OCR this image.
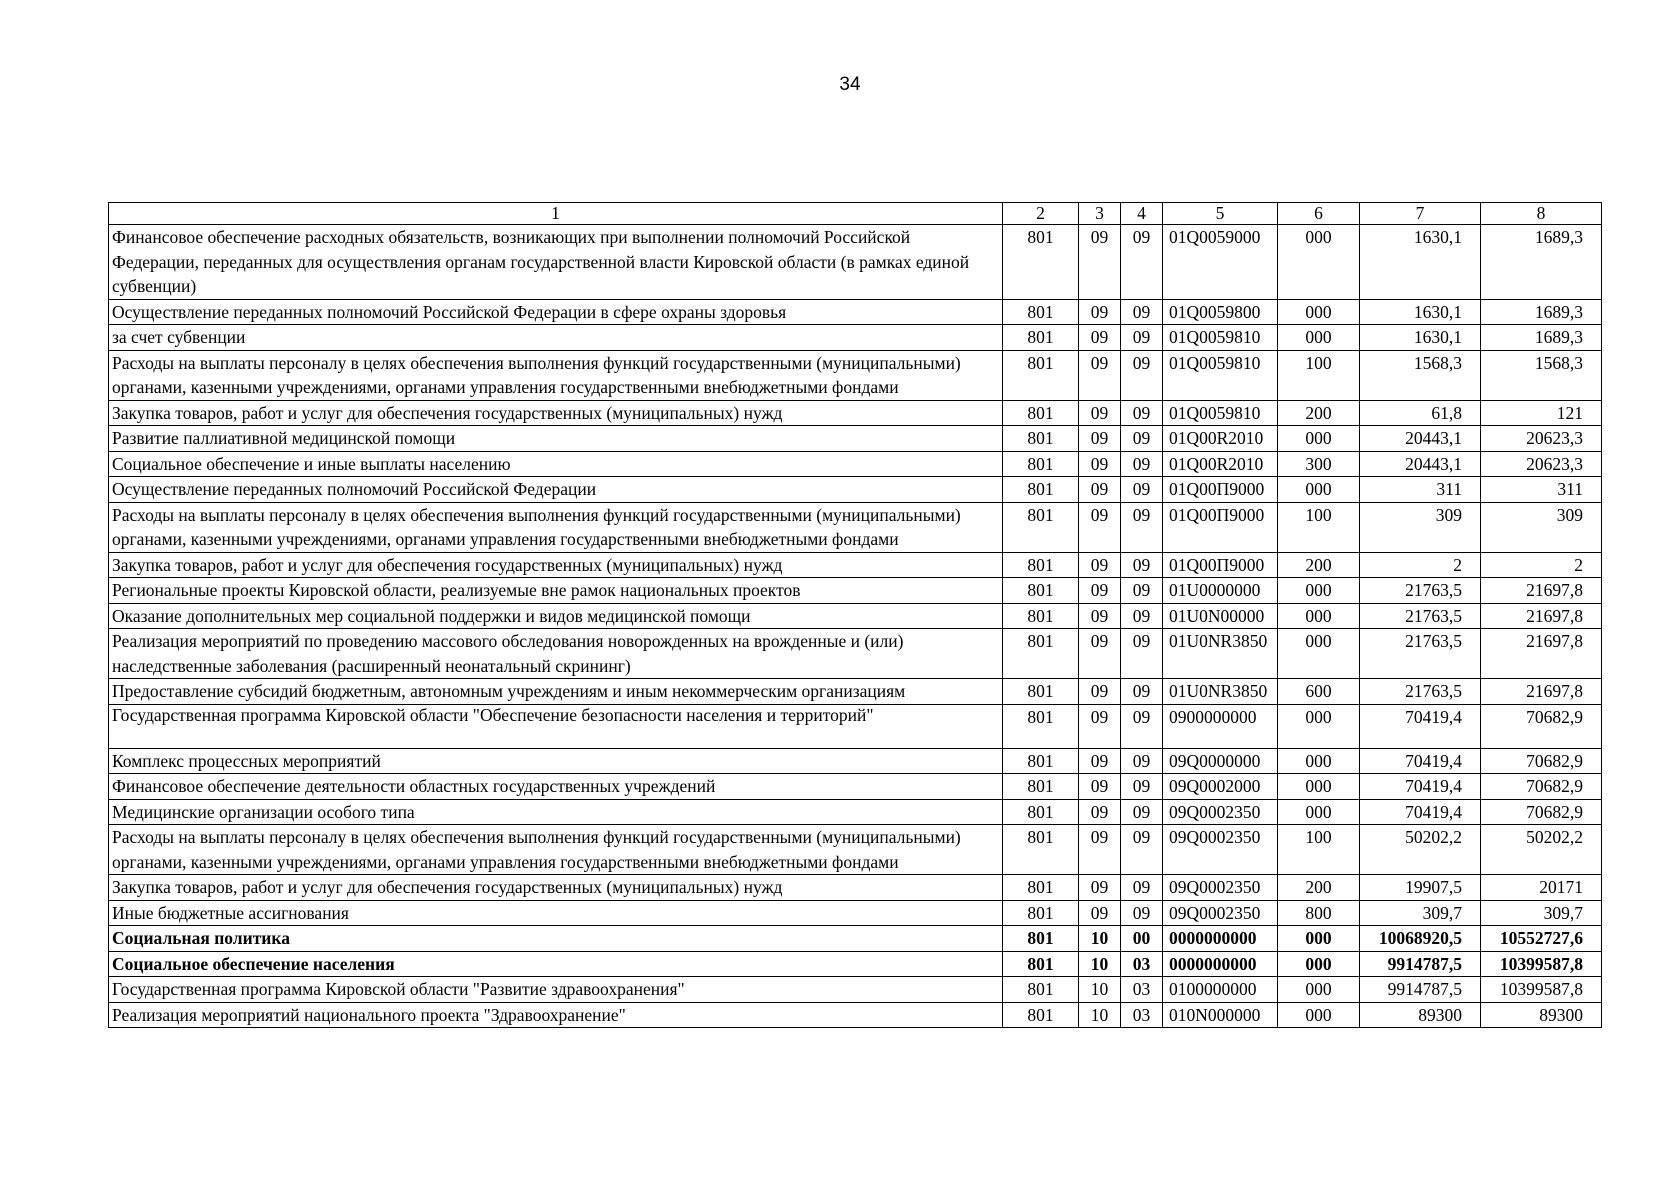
34
1	2	3	4	5	6	7	8
Финансовое обеспечение расходных обязательств, возникающих при выполнении полномочий Российской Федерации, переданных для осуществления органам государственной власти Кировской области (в рамках единой субвенции)	801	09	09	01Q0059000	000	1630,1	1689,3
Осуществление переданных полномочий Российской Федерации в сфере охраны здоровья	801	09	09	01Q0059800	000	1630,1	1689,3
за счет субвенции	801	09	09	01Q0059810	000	1630,1	1689,3
Расходы на выплаты персоналу в целях обеспечения выполнения функций государственными (муниципальными) органами, казенными учреждениями, органами управления государственными внебюджетными фондами	801	09	09	01Q0059810	100	1568,3	1568,3
Закупка товаров, работ и услуг для обеспечения государственных (муниципальных) нужд	801	09	09	01Q0059810	200	61,8	121
Развитие паллиативной медицинской помощи	801	09	09	01Q00R2010	000	20443,1	20623,3
Социальное обеспечение и иные выплаты населению	801	09	09	01Q00R2010	300	20443,1	20623,3
Осуществление переданных полномочий Российской Федерации	801	09	09	01Q00П9000	000	311	311
Расходы на выплаты персоналу в целях обеспечения выполнения функций государственными (муниципальными) органами, казенными учреждениями, органами управления государственными внебюджетными фондами	801	09	09	01Q00П9000	100	309	309
Закупка товаров, работ и услуг для обеспечения государственных (муниципальных) нужд	801	09	09	01Q00П9000	200	2	2
Региональные проекты Кировской области, реализуемые вне рамок национальных проектов	801	09	09	01U0000000	000	21763,5	21697,8
Оказание дополнительных мер социальной поддержки и видов медицинской помощи	801	09	09	01U0N00000	000	21763,5	21697,8
Реализация мероприятий по проведению массового обследования новорожденных на врожденные и (или) наследственные заболевания (расширенный неонатальный скрининг)	801	09	09	01U0NR3850	000	21763,5	21697,8
Предоставление субсидий бюджетным, автономным учреждениям и иным некоммерческим организациям	801	09	09	01U0NR3850	600	21763,5	21697,8
Государственная программа Кировской области "Обеспечение безопасности населения и территорий"	801	09	09	0900000000	000	70419,4	70682,9
Комплекс процессных мероприятий	801	09	09	09Q0000000	000	70419,4	70682,9
Финансовое обеспечение деятельности областных государственных учреждений	801	09	09	09Q0002000	000	70419,4	70682,9
Медицинские организации особого типа	801	09	09	09Q0002350	000	70419,4	70682,9
Расходы на выплаты персоналу в целях обеспечения выполнения функций государственными (муниципальными) органами, казенными учреждениями, органами управления государственными внебюджетными фондами	801	09	09	09Q0002350	100	50202,2	50202,2
Закупка товаров, работ и услуг для обеспечения государственных (муниципальных) нужд	801	09	09	09Q0002350	200	19907,5	20171
Иные бюджетные ассигнования	801	09	09	09Q0002350	800	309,7	309,7
Социальная политика	801	10	00	0000000000	000	10068920,5	10552727,6
Социальное обеспечение населения	801	10	03	0000000000	000	9914787,5	10399587,8
Государственная программа Кировской области "Развитие здравоохранения"	801	10	03	0100000000	000	9914787,5	10399587,8
Реализация мероприятий национального проекта "Здравоохранение"	801	10	03	010N000000	000	89300	89300
